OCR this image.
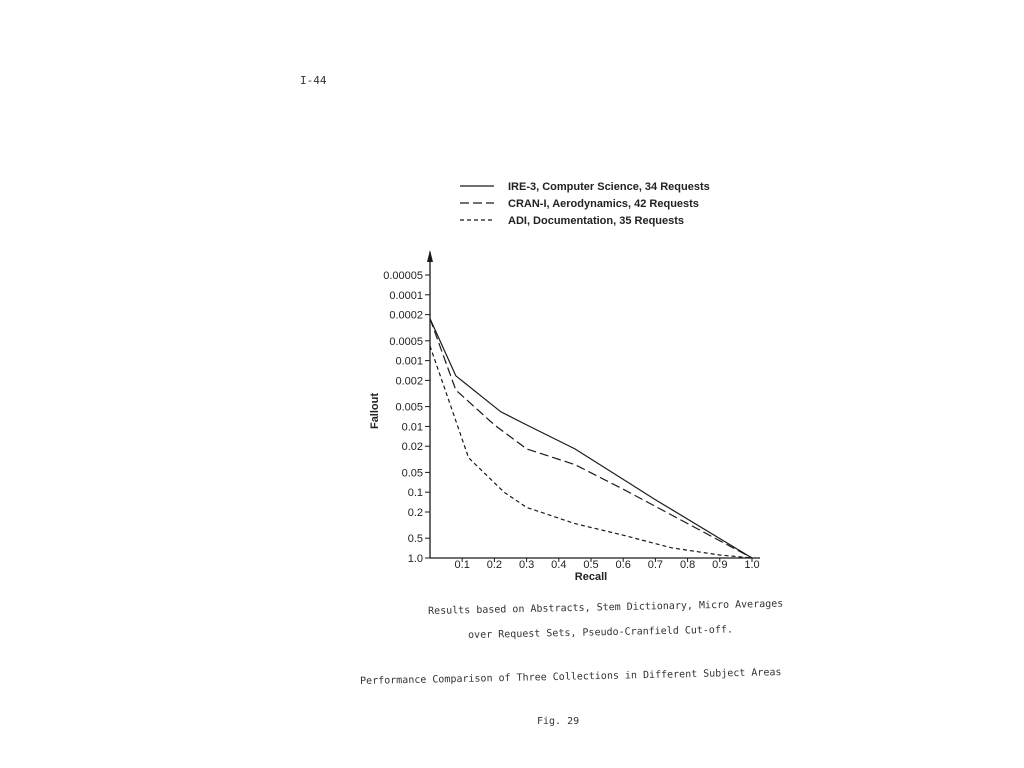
I-44
IRE-3, Computer Science, 34 Requests
CRAN-I, Aerodynamics, 42 Requests
ADI, Documentation, 35 Requests
0.00005
0.0001
0.0002
0.0005
0.001
0.002
0.005
0.01
0.02
0.05
0.1
0.2
0.5
1.0	0.1 0.2 0.3 0.4 0.5 0.6 0.7 0.8 0.9 1.0
Recall
Fallout
Results based on Abstracts, Stem Dictionary, Micro Averages
over Request Sets, Pseudo-Cranfield Cut-off.
Performance Comparison of Three Collections in Different Subject Areas
Fig. 29
